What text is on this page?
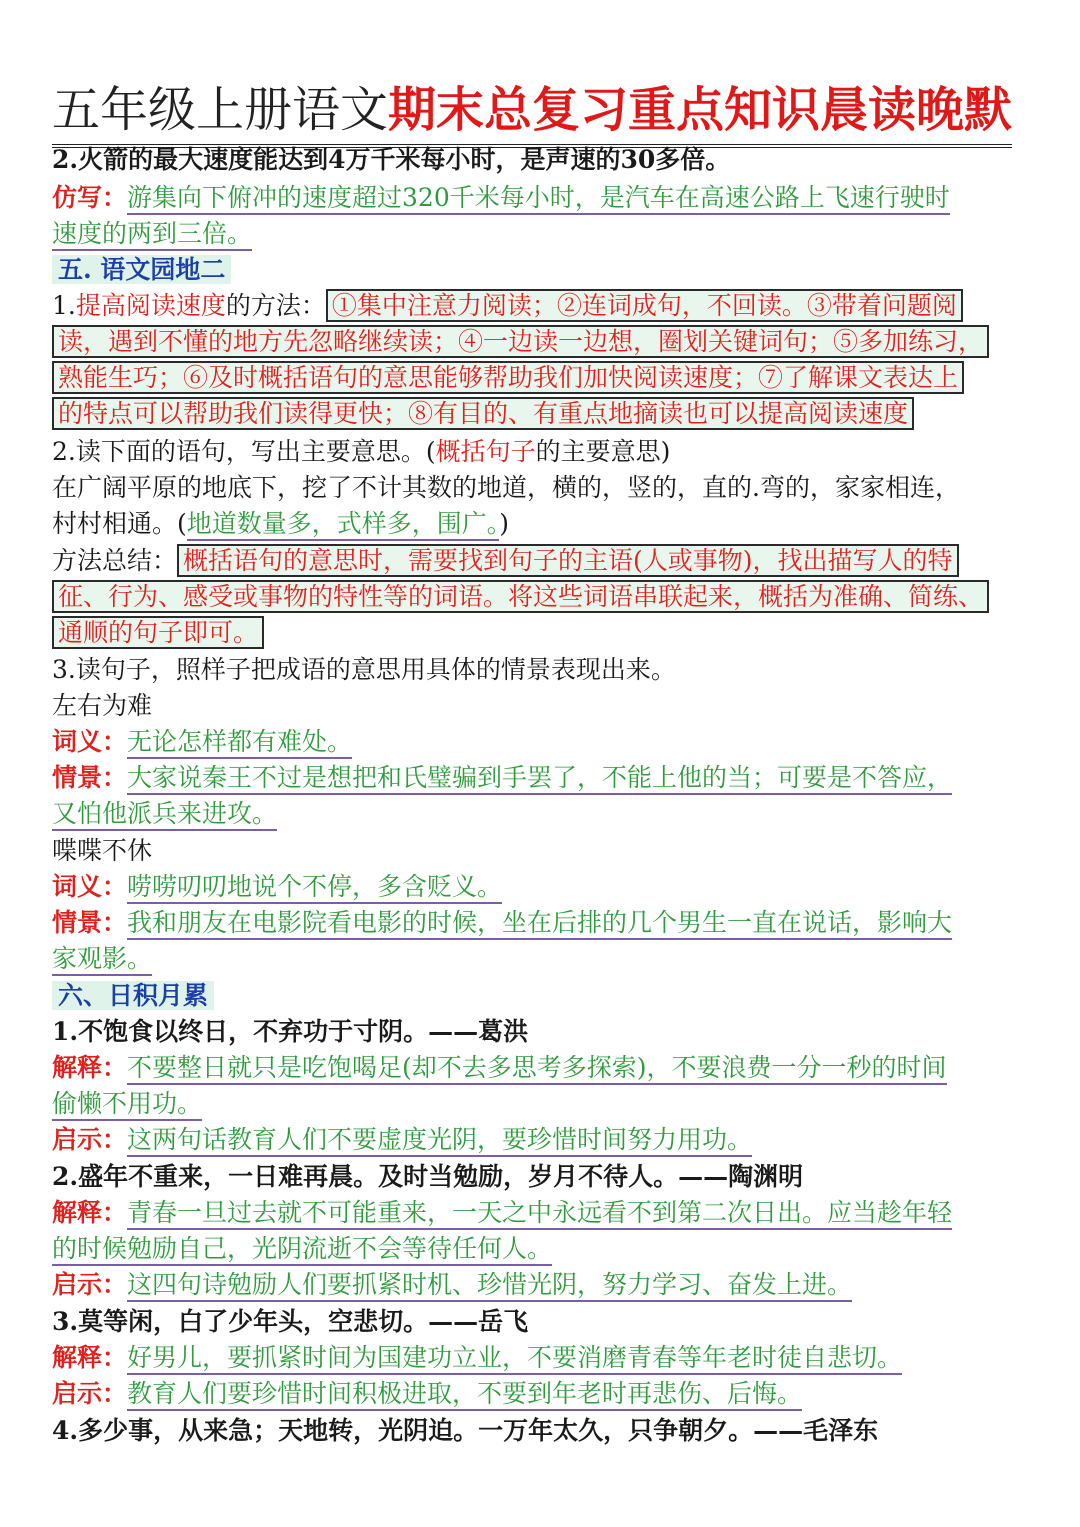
五年级上册语文期末总复习重点知识晨读晚默
2.火箭的最大速度能达到4万千米每小时，是声速的30多倍。
仿写：游集向下俯冲的速度超过320千米每小时，是汽车在高速公路上飞速行驶时
速度的两到三倍。
五. 语文园地二
1.提高阅读速度的方法： ①集中注意力阅读；②连词成句，不回读。③带着问题阅
读，遇到不懂的地方先忽略继续读；④一边读一边想，圈划关键词句；⑤多加练习，
熟能生巧；⑥及时概括语句的意思能够帮助我们加快阅读速度；⑦了解课文表达上
的特点可以帮助我们读得更快；⑧有目的、有重点地摘读也可以提高阅读速度
2.读下面的语句，写出主要意思。(概括句子的主要意思)
在广阔平原的地底下，挖了不计其数的地道，横的，竖的，直的.弯的，家家相连，
村村相通。(地道数量多，式样多，围广。)
方法总结： 概括语句的意思时，需要找到句子的主语(人或事物)，找出描写人的特
征、行为、感受或事物的特性等的词语。将这些词语串联起来，概括为准确、简练、
通顺的句子即可。
3.读句子，照样子把成语的意思用具体的情景表现出来。
左右为难
词义：无论怎样都有难处。
情景：大家说秦王不过是想把和氏璧骗到手罢了，不能上他的当；可要是不答应，
又怕他派兵来进攻。
喋喋不休
词义：唠唠叨叨地说个不停，多含贬义。
情景：我和朋友在电影院看电影的时候，坐在后排的几个男生一直在说话，影响大
家观影。
六、日积月累
1.不饱食以终日，不弃功于寸阴。——葛洪
解释：不要整日就只是吃饱喝足(却不去多思考多探索)，不要浪费一分一秒的时间
偷懒不用功。
启示：这两句话教育人们不要虚度光阴，要珍惜时间努力用功。
2.盛年不重来，一日难再晨。及时当勉励，岁月不待人。——陶渊明
解释：青春一旦过去就不可能重来，一天之中永远看不到第二次日出。应当趁年轻
的时候勉励自己，光阴流逝不会等待任何人。
启示：这四句诗勉励人们要抓紧时机、珍惜光阴，努力学习、奋发上进。
3.莫等闲，白了少年头，空悲切。——岳飞
解释：好男儿，要抓紧时间为国建功立业，不要消磨青春等年老时徒自悲切。
启示：教育人们要珍惜时间积极进取，不要到年老时再悲伤、后悔。
4.多少事，从来急；天地转，光阴迫。一万年太久，只争朝夕。——毛泽东
